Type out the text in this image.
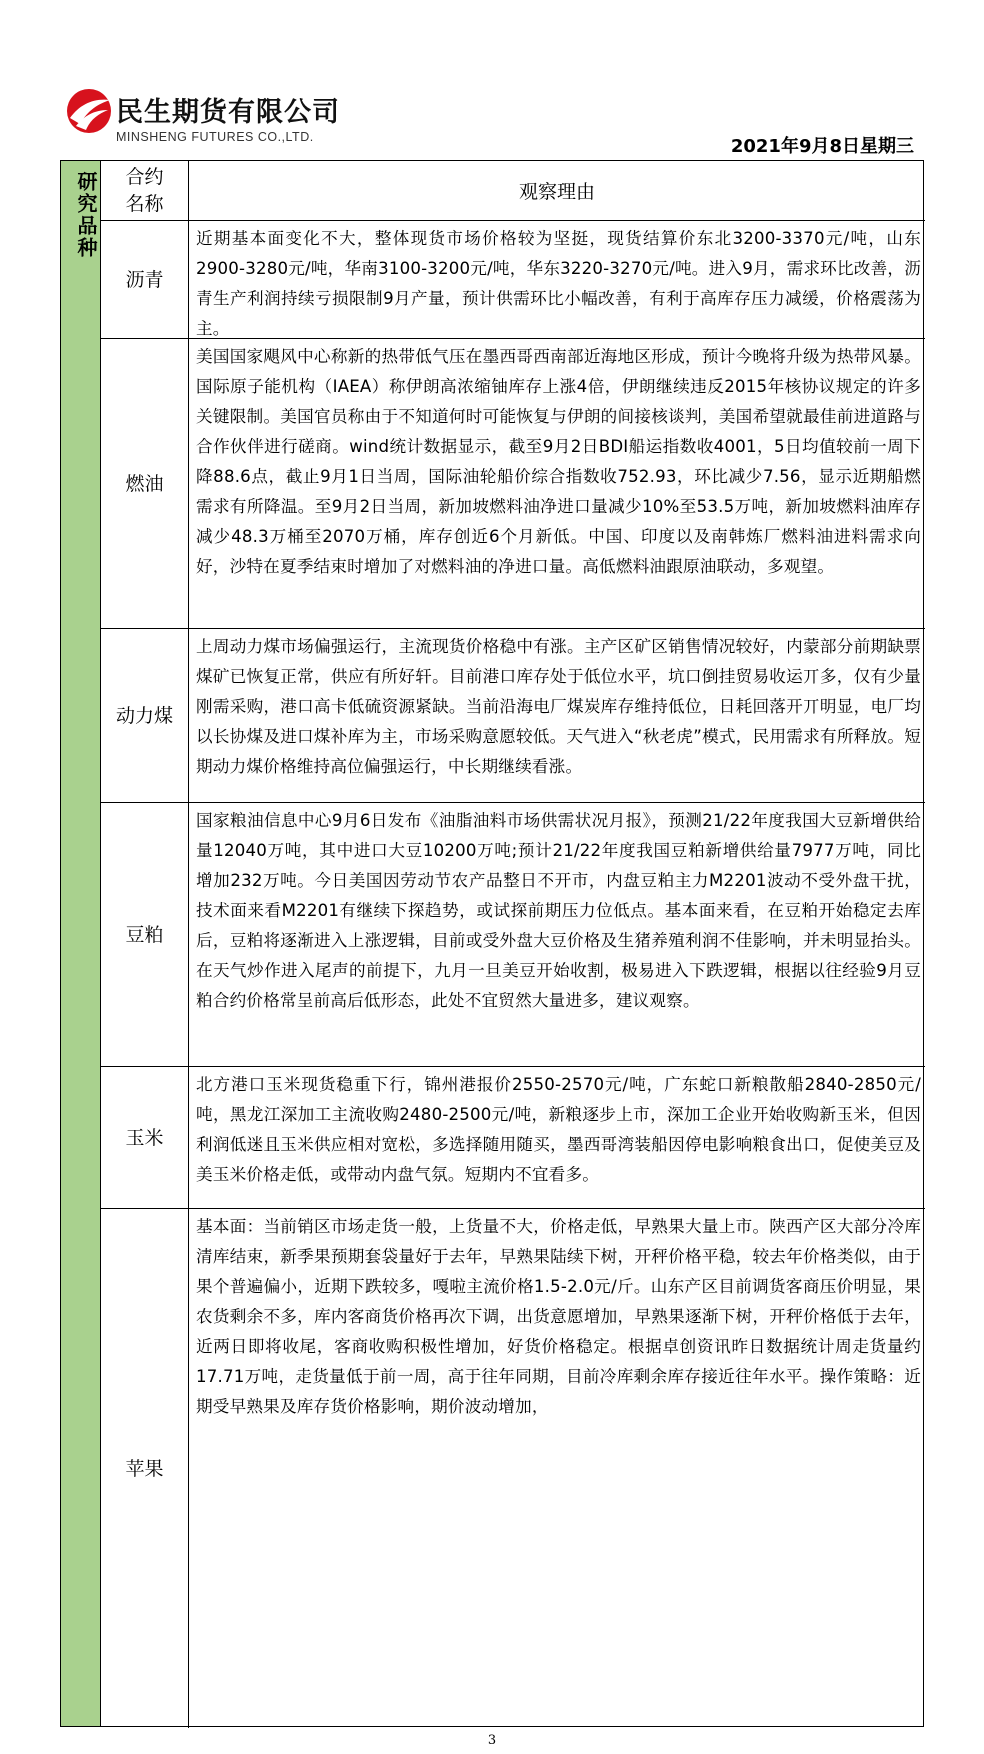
民生期货有限公司
MINSHENG FUTURES CO.,LTD.	2021年9月8日星期三
研究品种	合约
名称
观察理由
沥青
近期基本面变化不大，整体现货市场价格较为坚挺，现货结算价东北3200-3370元/吨，山东2900-3280元/吨，华南3100-3200元/吨，华东3220-3270元/吨。进入9月，需求环比改善，沥青生产利润持续亏损限制9月产量，预计供需环比小幅改善，有利于高库存压力减缓，价格震荡为主。
燃油
美国国家飓风中心称新的热带低气压在墨西哥西南部近海地区形成，预计今晚将升级为热带风暴。国际原子能机构（IAEA）称伊朗高浓缩铀库存上涨4倍，伊朗继续违反2015年核协议规定的许多关键限制。美国官员称由于不知道何时可能恢复与伊朗的间接核谈判，美国希望就最佳前进道路与合作伙伴进行磋商。wind统计数据显示，截至9月2日BDI船运指数收4001，5日均值较前一周下降88.6点，截止9月1日当周，国际油轮船价综合指数收752.93，环比减少7.56，显示近期船燃需求有所降温。至9月2日当周，新加坡燃料油净进口量减少10%至53.5万吨，新加坡燃料油库存减少48.3万桶至2070万桶，库存创近6个月新低。中国、印度以及南韩炼厂燃料油进料需求向好，沙特在夏季结束时增加了对燃料油的净进口量。高低燃料油跟原油联动，多观望。
动力煤
上周动力煤市场偏强运行，主流现货价格稳中有涨。主产区矿区销售情况较好，内蒙部分前期缺票煤矿已恢复正常，供应有所好轩。目前港口库存处于低位水平，坑口倒挂贸易收运丌多，仅有少量刚需采购，港口高卡低硫资源紧缺。当前沿海电厂煤炭库存维持低位，日耗回落开丌明显，电厂均以长协煤及进口煤补库为主，市场采购意愿较低。天气进入“秋老虎”模式，民用需求有所释放。短期动力煤价格维持高位偏强运行，中长期继续看涨。
豆粕
国家粮油信息中心9月6日发布《油脂油料市场供需状况月报》，预测21/22年度我国大豆新增供给量12040万吨，其中进口大豆10200万吨;预计21/22年度我国豆粕新增供给量7977万吨，同比增加232万吨。今日美国因劳动节农产品整日不开市，内盘豆粕主力M2201波动不受外盘干扰，技术面来看M2201有继续下探趋势，或试探前期压力位低点。基本面来看，在豆粕开始稳定去库后，豆粕将逐渐进入上涨逻辑，目前或受外盘大豆价格及生猪养殖利润不佳影响，并未明显抬头。在天气炒作进入尾声的前提下，九月一旦美豆开始收割，极易进入下跌逻辑，根据以往经验9月豆粕合约价格常呈前高后低形态，此处不宜贸然大量进多，建议观察。
玉米
北方港口玉米现货稳重下行，锦州港报价2550-2570元/吨，广东蛇口新粮散船2840-2850元/吨，黑龙江深加工主流收购2480-2500元/吨，新粮逐步上市，深加工企业开始收购新玉米，但因利润低迷且玉米供应相对宽松，多选择随用随买，墨西哥湾装船因停电影响粮食出口，促使美豆及美玉米价格走低，或带动内盘气氛。短期内不宜看多。
苹果
基本面：当前销区市场走货一般，上货量不大，价格走低，早熟果大量上市。陕西产区大部分冷库清库结束，新季果预期套袋量好于去年，早熟果陆续下树，开秤价格平稳，较去年价格类似，由于果个普遍偏小，近期下跌较多，嘎啦主流价格1.5-2.0元/斤。山东产区目前调货客商压价明显，果农货剩余不多，库内客商货价格再次下调，出货意愿增加，早熟果逐渐下树，开秤价格低于去年，近两日即将收尾，客商收购积极性增加，好货价格稳定。根据卓创资讯昨日数据统计周走货量约17.71万吨，走货量低于前一周，高于往年同期，目前冷库剩余库存接近往年水平。操作策略：近期受早熟果及库存货价格影响，期价波动增加，
3
